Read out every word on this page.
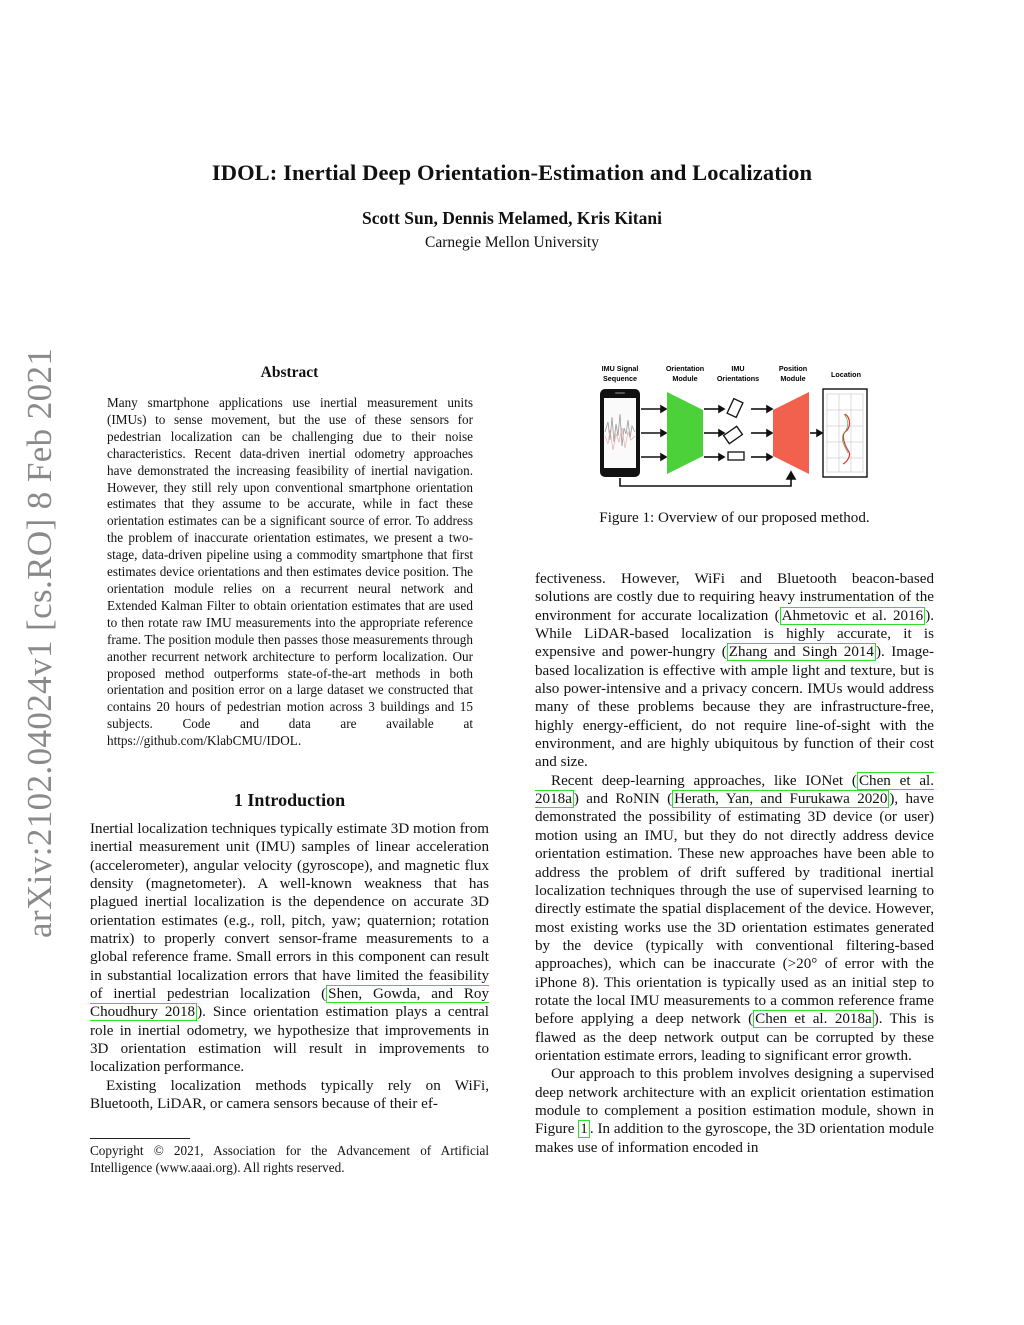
IDOL: Inertial Deep Orientation-Estimation and Localization
Scott Sun, Dennis Melamed, Kris Kitani
Carnegie Mellon University
arXiv:2102.04024v1 [cs.RO] 8 Feb 2021	Abstract
Many smartphone applications use inertial measurement units (IMUs) to sense movement, but the use of these sensors for pedestrian localization can be challenging due to their noise characteristics. Recent data-driven inertial odometry approaches have demonstrated the increasing feasibility of inertial navigation. However, they still rely upon conventional smartphone orientation estimates that they assume to be accurate, while in fact these orientation estimates can be a significant source of error. To address the problem of inaccurate orientation estimates, we present a two-stage, data-driven pipeline using a commodity smartphone that first estimates device orientations and then estimates device position. The orientation module relies on a recurrent neural network and Extended Kalman Filter to obtain orientation estimates that are used to then rotate raw IMU measurements into the appropriate reference frame. The position module then passes those measurements through another recurrent network architecture to perform localization. Our proposed method outperforms state-of-the-art methods in both orientation and position error on a large dataset we constructed that contains 20 hours of pedestrian motion across 3 buildings and 15 subjects. Code and data are available at https://github.com/KlabCMU/IDOL.
1 Introduction

Inertial localization techniques typically estimate 3D motion from inertial measurement unit (IMU) samples of linear acceleration (accelerometer), angular velocity (gyroscope), and magnetic flux density (magnetometer). A well-known weakness that has plagued inertial localization is the dependence on accurate 3D orientation estimates (e.g., roll, pitch, yaw; quaternion; rotation matrix) to properly convert sensor-frame measurements to a global reference frame. Small errors in this component can result in substantial localization errors that have limited the feasibility of inertial pedestrian localization ( Shen, Gowda, and Roy Choudhury 2018 ). Since orientation estimation plays a central role in inertial odometry, we hypothesize that improvements in 3D orientation estimation will result in improvements to localization performance.

Existing localization methods typically rely on WiFi, Bluetooth, LiDAR, or camera sensors because of their ef-

Copyright © 2021, Association for the Advancement of Artificial Intelligence (www.aaai.org). All rights reserved.
IMU Signal
Sequence
Orientation
Module
IMU
Orientations
Position
Module	Location
Figure 1: Overview of our proposed method.

fectiveness. However, WiFi and Bluetooth beacon-based solutions are costly due to requiring heavy instrumentation of the environment for accurate localization ( Ahmetovic et al. 2016 ). While LiDAR-based localization is highly accurate, it is expensive and power-hungry ( Zhang and Singh 2014 ). Image-based localization is effective with ample light and texture, but is also power-intensive and a privacy concern. IMUs would address many of these problems because they are infrastructure-free, highly energy-efficient, do not require line-of-sight with the environment, and are highly ubiquitous by function of their cost and size.

Recent deep-learning approaches, like IONet ( Chen et al. 2018a ) and RoNIN ( Herath, Yan, and Furukawa 2020 ), have demonstrated the possibility of estimating 3D device (or user) motion using an IMU, but they do not directly address device orientation estimation. These new approaches have been able to address the problem of drift suffered by traditional inertial localization techniques through the use of supervised learning to directly estimate the spatial displacement of the device. However, most existing works use the 3D orientation estimates generated by the device (typically with conventional filtering-based approaches), which can be inaccurate (>20° of error with the iPhone 8). This orientation is typically used as an initial step to rotate the local IMU measurements to a common reference frame before applying a deep network ( Chen et al. 2018a ). This is flawed as the deep network output can be corrupted by these orientation estimate errors, leading to significant error growth.

Our approach to this problem involves designing a supervised deep network architecture with an explicit orientation estimation module to complement a position estimation module, shown in Figure 1 . In addition to the gyroscope, the 3D orientation module makes use of information encoded in
